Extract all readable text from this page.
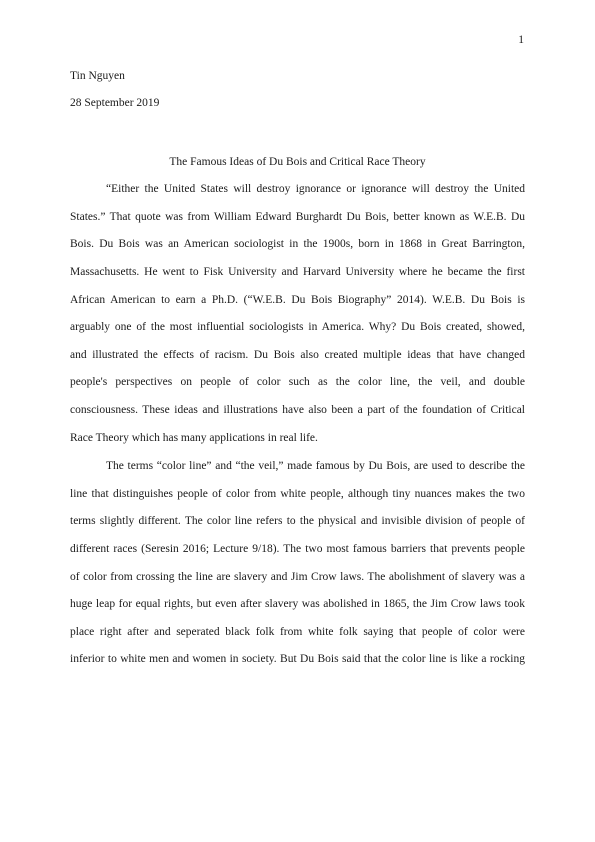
1
Tin Nguyen
28 September 2019
The Famous Ideas of Du Bois and Critical Race Theory
“Either the United States will destroy ignorance or ignorance will destroy the United
States.” That quote was from William Edward Burghardt Du Bois, better known as W.E.B. Du
Bois. Du Bois was an American sociologist in the 1900s, born in 1868 in Great Barrington,
Massachusetts. He went to Fisk University and Harvard University where he became the first
African American to earn a Ph.D. (“W.E.B. Du Bois Biography” 2014). W.E.B. Du Bois is
arguably one of the most influential sociologists in America. Why? Du Bois created, showed,
and illustrated the effects of racism. Du Bois also created multiple ideas that have changed
people's perspectives on people of color such as the color line, the veil, and double
consciousness. These ideas and illustrations have also been a part of the foundation of Critical
Race Theory which has many applications in real life.
The terms “color line” and “the veil,” made famous by Du Bois, are used to describe the
line that distinguishes people of color from white people, although tiny nuances makes the two
terms slightly different. The color line refers to the physical and invisible division of people of
different races (Seresin 2016; Lecture 9/18). The two most famous barriers that prevents people
of color from crossing the line are slavery and Jim Crow laws. The abolishment of slavery was a
huge leap for equal rights, but even after slavery was abolished in 1865, the Jim Crow laws took
place right after and seperated black folk from white folk saying that people of color were
inferior to white men and women in society. But Du Bois said that the color line is like a rocking
